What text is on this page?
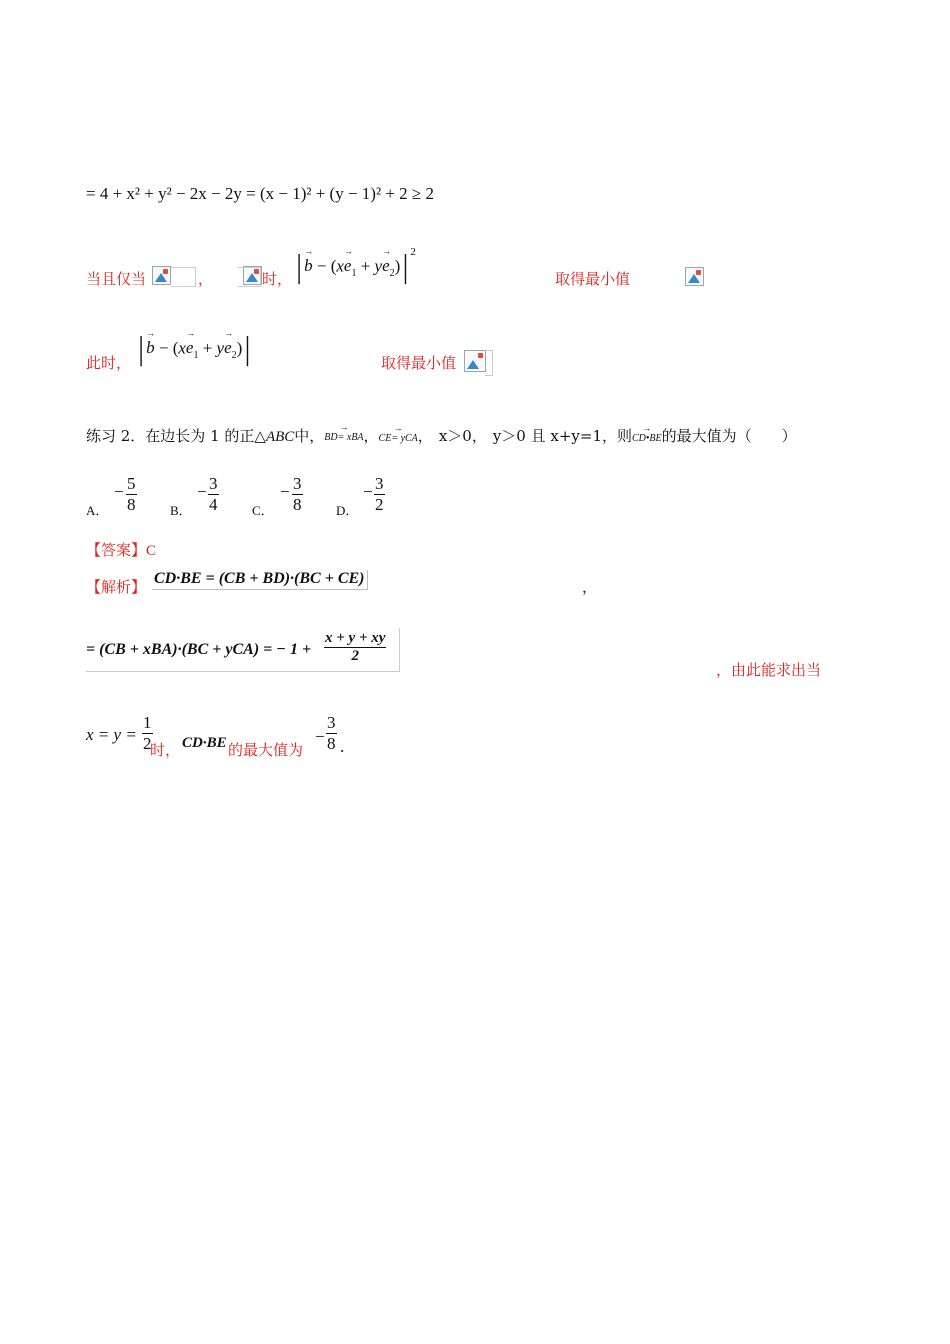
= 4 + x² + y² − 2x − 2y = (x − 1)² + (y − 1)² + 2 ≥ 2
当且仅当
	，
	时， |→ $b - (x\to e_1 + y\to e_2)|^2$
取得最小值
此时， |→ $b - (x\to e_1 + y\to e_2)|$	取得最小值
练习 2．在边长为 1 的正△ABC中，→ BD= xBA，→ CE= yCA， x＞0， y＞0 且 x+y=1，则→ CD•BE的最大值为（　　）
A．
− $\frac{5}{8}$	B．
− $\frac{3}{4}$	C．
− $\frac{3}{8}$	D．
− $\frac{3}{2}$
【答案】C
【解析】 CD·BE = (CB + BD)·(BC + CE)	，
= (CB + xBA)·(BC + yCA) = − $1 + \frac{x + y + xy}{2}$
，由此能求出当
$x = y = \frac{1}{2}$
时， CD·BE 的最大值为
− $\frac{3}{8}$ .
